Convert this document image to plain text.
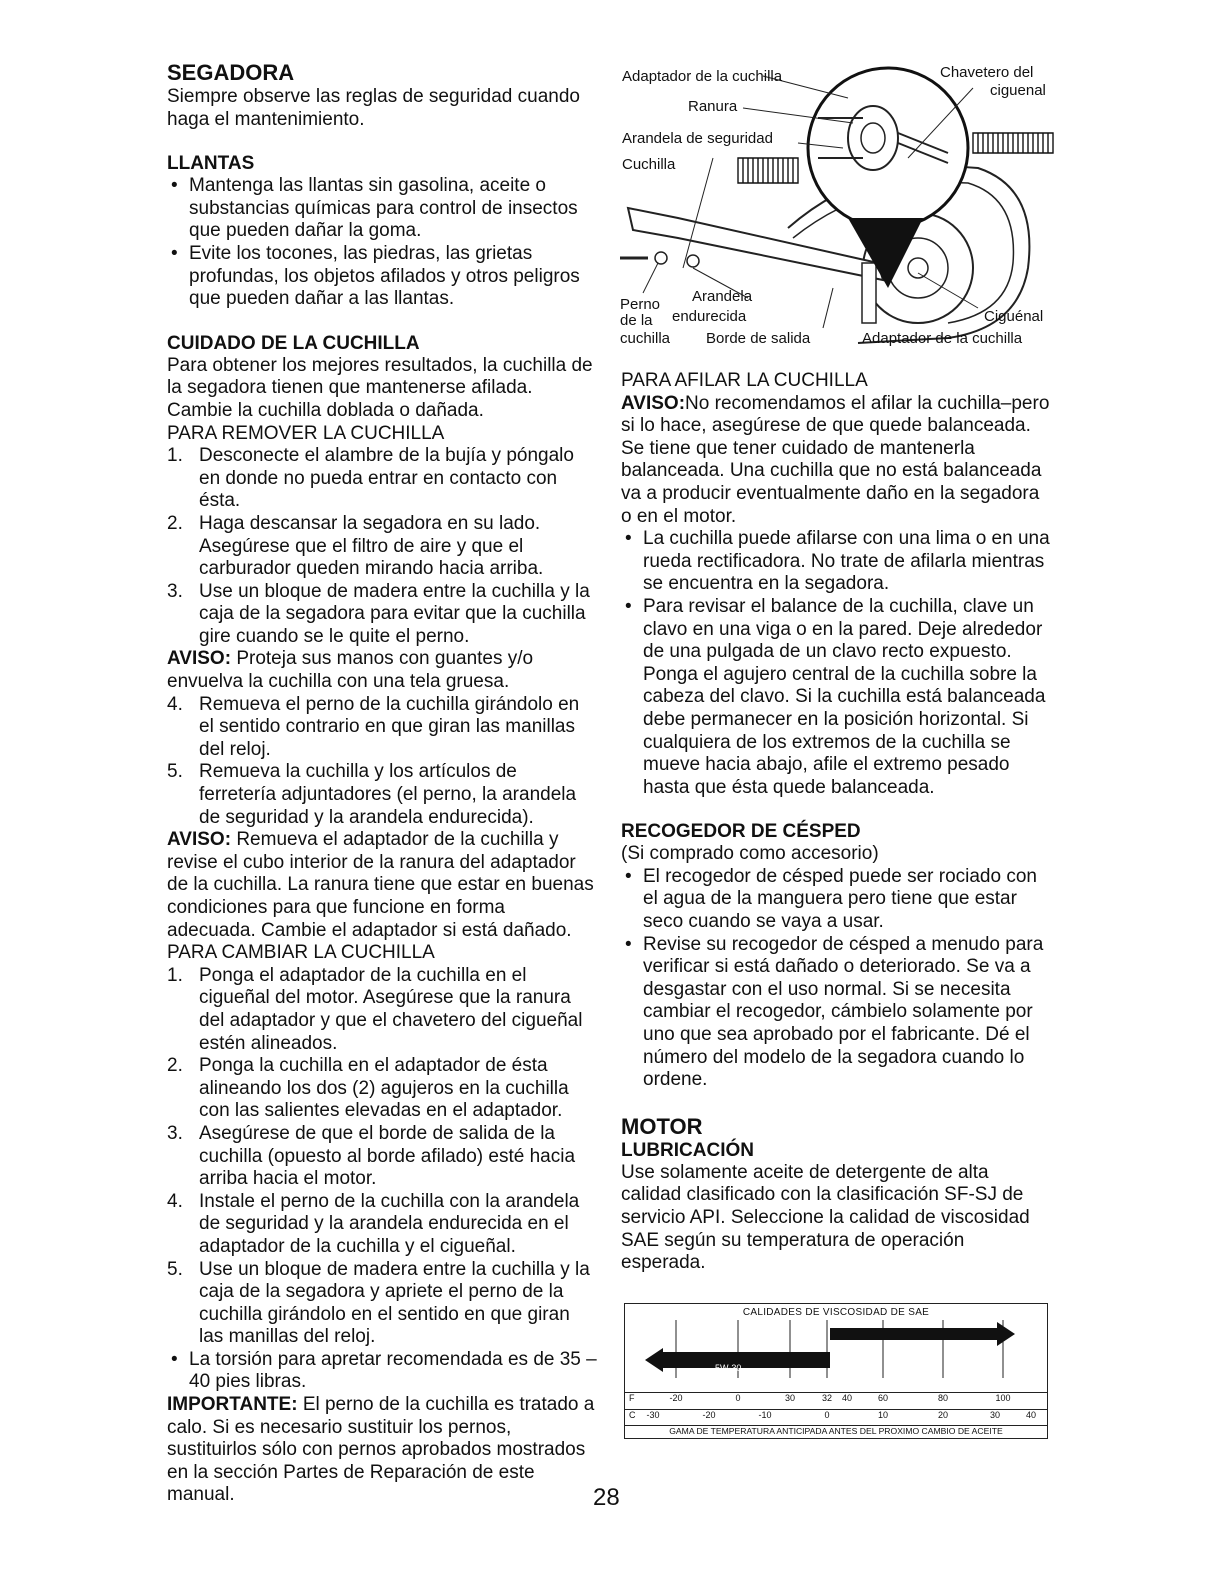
SEGADORA

Siempre observe las reglas de seguridad cuando haga el mantenimiento.

LLANTAS
• Mantenga las llantas sin gasolina, aceite o substancias químicas para control de insectos que pueden dañar la goma.
• Evite los tocones, las piedras, las grietas profundas, los objetos afilados y otros peligros que pueden dañar a las llantas.
CUIDADO DE LA CUCHILLA

Para obtener los mejores resultados, la cuchilla de la segadora tienen que mantenerse afilada. Cambie la cuchilla doblada o dañada.

PARA REMOVER LA CUCHILLA

1. Desconecte el alambre de la bujía y póngalo en donde no pueda entrar en contacto con ésta.
2. Haga descansar la segadora en su lado. Asegúrese que el filtro de aire y que el carburador queden mirando hacia arriba.
3. Use un bloque de madera entre la cuchilla y la caja de la segadora para evitar que la cuchilla gire cuando se le quite el perno.

AVISO: Proteja sus manos con guantes y/o envuelva la cuchilla con una tela gruesa.

4. Remueva el perno de la cuchilla girándolo en el sentido contrario en que giran las manillas del reloj.
5. Remueva la cuchilla y los artículos de ferretería adjuntadores (el perno, la arandela de seguridad y la arandela endurecida).

AVISO: Remueva el adaptador de la cuchilla y revise el cubo interior de la ranura del adaptador de la cuchilla. La ranura tiene que estar en buenas condiciones para que funcione en forma adecuada. Cambie el adaptador si está dañado.

PARA CAMBIAR LA CUCHILLA

1. Ponga el adaptador de la cuchilla en el cigueñal del motor. Asegúrese que la ranura del adaptador y que el chavetero del cigueñal estén alineados.
2. Ponga la cuchilla en el adaptador de ésta alineando los dos (2) agujeros en la cuchilla con las salientes elevadas en el adaptador.
3. Asegúrese de que el borde de salida de la cuchilla (opuesto al borde afilado) esté hacia arriba hacia el motor.
4. Instale el perno de la cuchilla con la arandela de seguridad y la arandela endurecida en el adaptador de la cuchilla y el cigueñal.
5. Use un bloque de madera entre la cuchilla y la caja de la segadora y apriete el perno de la cuchilla girándolo en el sentido en que giran las manillas del reloj.
• La torsión para apretar recomendada es de 35 – 40 pies libras.

IMPORTANTE: El perno de la cuchilla es tratado a calo. Si es necesario sustituir los pernos, sustituirlos sólo con pernos aprobados mostrados en la sección Partes de Reparación de este manual.

Adaptador de la cuchilla
Ranura
Arandela de seguridad
Cuchilla
Chavetero del
ciguenal
Perno
de la
cuchilla
Arandela
endurecida
Borde de salida
Ciguénal
Adaptador de la cuchilla

PARA AFILAR LA CUCHILLA

AVISO:No recomendamos el afilar la cuchilla–pero si lo hace, asegúrese de que quede balanceada. Se tiene que tener cuidado de mantenerla balanceada. Una cuchilla que no está balanceada va a producir eventualmente daño en la segadora o en el motor.

• La cuchilla puede afilarse con una lima o en una rueda rectificadora. No trate de afilarla mientras se encuentra en la segadora.
• Para revisar el balance de la cuchilla, clave un clavo en una viga o en la pared. Deje alrededor de una pulgada de un clavo recto expuesto. Ponga el agujero central de la cuchilla sobre la cabeza del clavo. Si la cuchilla está balanceada debe permanecer en la posición horizontal. Si cualquiera de los extremos de la cuchilla se mueve hacia abajo, afile el extremo pesado hasta que ésta quede balanceada.
RECOGEDOR DE CÉSPED

(Si comprado como accesorio)

• El recogedor de césped puede ser rociado con el agua de la manguera pero tiene que estar seco cuando se vaya a usar.
• Revise su recogedor de césped a menudo para verificar si está dañado o deteriorado. Se va a desgastar con el uso normal. Si se necesita cambiar el recogedor, cámbielo solamente por uno que sea aprobado por el fabricante. Dé el número del modelo de la segadora cuando lo ordene.
MOTOR
LUBRICACIÓN

Use solamente aceite de detergente de alta calidad clasificado con la clasificación SF-SJ de servicio API. Seleccione la calidad de viscosidad SAE según su temperatura de operación esperada.

CALIDADES DE VISCOSIDAD DE SAE
5W-30
SAE 30
F	-20	0	30	32 40	60	80	100
C -30	-20	-10	0	10	20	30	40
GAMA DE TEMPERATURA ANTICIPADA ANTES DEL PROXIMO CAMBIO DE ACEITE
28
